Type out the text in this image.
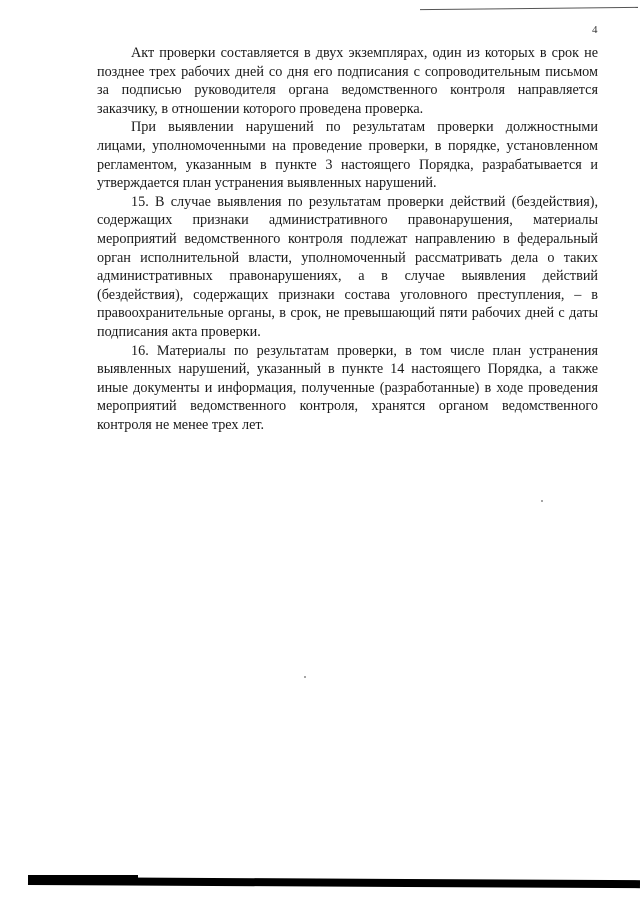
4

Акт проверки составляется в двух экземплярах, один из которых в срок не позднее трех рабочих дней со дня его подписания с сопроводительным письмом за подписью руководителя органа ведомственного контроля направляется заказчику, в отношении которого проведена проверка.

При выявлении нарушений по результатам проверки должностными лицами, уполномоченными на проведение проверки, в порядке, установленном регламентом, указанным в пункте 3 настоящего Порядка, разрабатывается и утверждается план устранения выявленных нарушений.

15. В случае выявления по результатам проверки действий (бездействия), содержащих признаки административного правонарушения, материалы мероприятий ведомственного контроля подлежат направлению в федеральный орган исполнительной власти, уполномоченный рассматривать дела о таких административных правонарушениях, а в случае выявления действий (бездействия), содержащих признаки состава уголовного преступления, – в правоохранительные органы, в срок, не превышающий пяти рабочих дней с даты подписания акта проверки.

16. Материалы по результатам проверки, в том числе план устранения выявленных нарушений, указанный в пункте 14 настоящего Порядка, а также иные документы и информация, полученные (разработанные) в ходе проведения мероприятий ведомственного контроля, хранятся органом ведомственного контроля не менее трех лет.
